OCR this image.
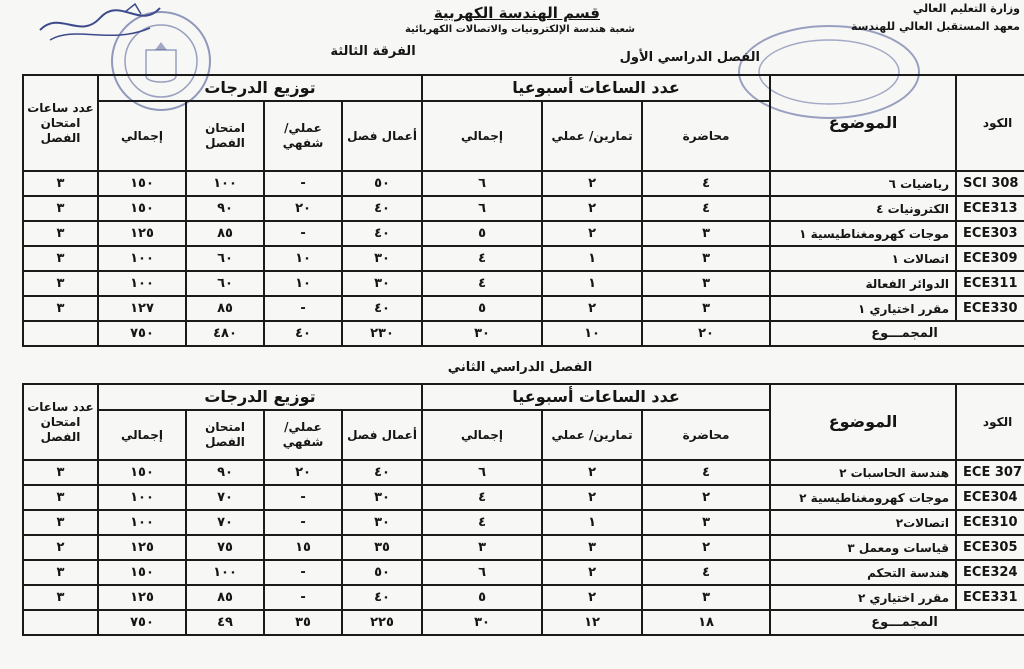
وزارة التعليم العالي
معهد المستقبل العالي للهندسة
قسم الهندسة الكهربية
شعبة هندسة الإلكترونيات والاتصالات الكهربائية
الفرقة الثالثة	الفصل الدراسي الأول
الفصل الدراسي الثاني
الكود	الموضوع	عدد الساعات أسبوعيا			توزيع الدرجات				عدد ساعات امتحان الفصل
		محاضرة	تمارين/ عملي	إجمالي	أعمال فصل	عملي/ شفهي	امتحان الفصل	إجمالي	
SCI 308	رياضيات ٦	٤	٢	٦	٥٠	-	١٠٠	١٥٠	٣
ECE313	الكترونيات ٤	٤	٢	٦	٤٠	٢٠	٩٠	١٥٠	٣
ECE303	موجات كهرومغناطيسية ١	٣	٢	٥	٤٠	-	٨٥	١٢٥	٣
ECE309	اتصالات ١	٣	١	٤	٣٠	١٠	٦٠	١٠٠	٣
ECE311	الدوائر الفعالة	٣	١	٤	٣٠	١٠	٦٠	١٠٠	٣
ECE330	مقرر اختياري ١	٣	٢	٥	٤٠	-	٨٥	١٢٧	٣
المجمـــوع		٢٠	١٠	٣٠	٢٣٠	٤٠	٤٨٠	٧٥٠	
الكود	الموضوع	عدد الساعات أسبوعيا			توزيع الدرجات				عدد ساعات امتحان الفصل
		محاضرة	تمارين/ عملي	إجمالي	أعمال فصل	عملي/ شفهي	امتحان الفصل	إجمالي	
ECE 307	هندسة الحاسبات ٢	٤	٢	٦	٤٠	٢٠	٩٠	١٥٠	٣
ECE304	موجات كهرومغناطيسية ٢	٢	٢	٤	٣٠	-	٧٠	١٠٠	٣
ECE310	اتصالات٢	٣	١	٤	٣٠	-	٧٠	١٠٠	٣
ECE305	قياسات ومعمل ٣	٢	٣	٣	٣٥	١٥	٧٥	١٢٥	٢
ECE324	هندسة التحكم	٤	٢	٦	٥٠	-	١٠٠	١٥٠	٣
ECE331	مقرر اختياري ٢	٣	٢	٥	٤٠	-	٨٥	١٢٥	٣
المجمـــوع		١٨	١٢	٣٠	٢٢٥	٣٥	٤٩	٧٥٠	
